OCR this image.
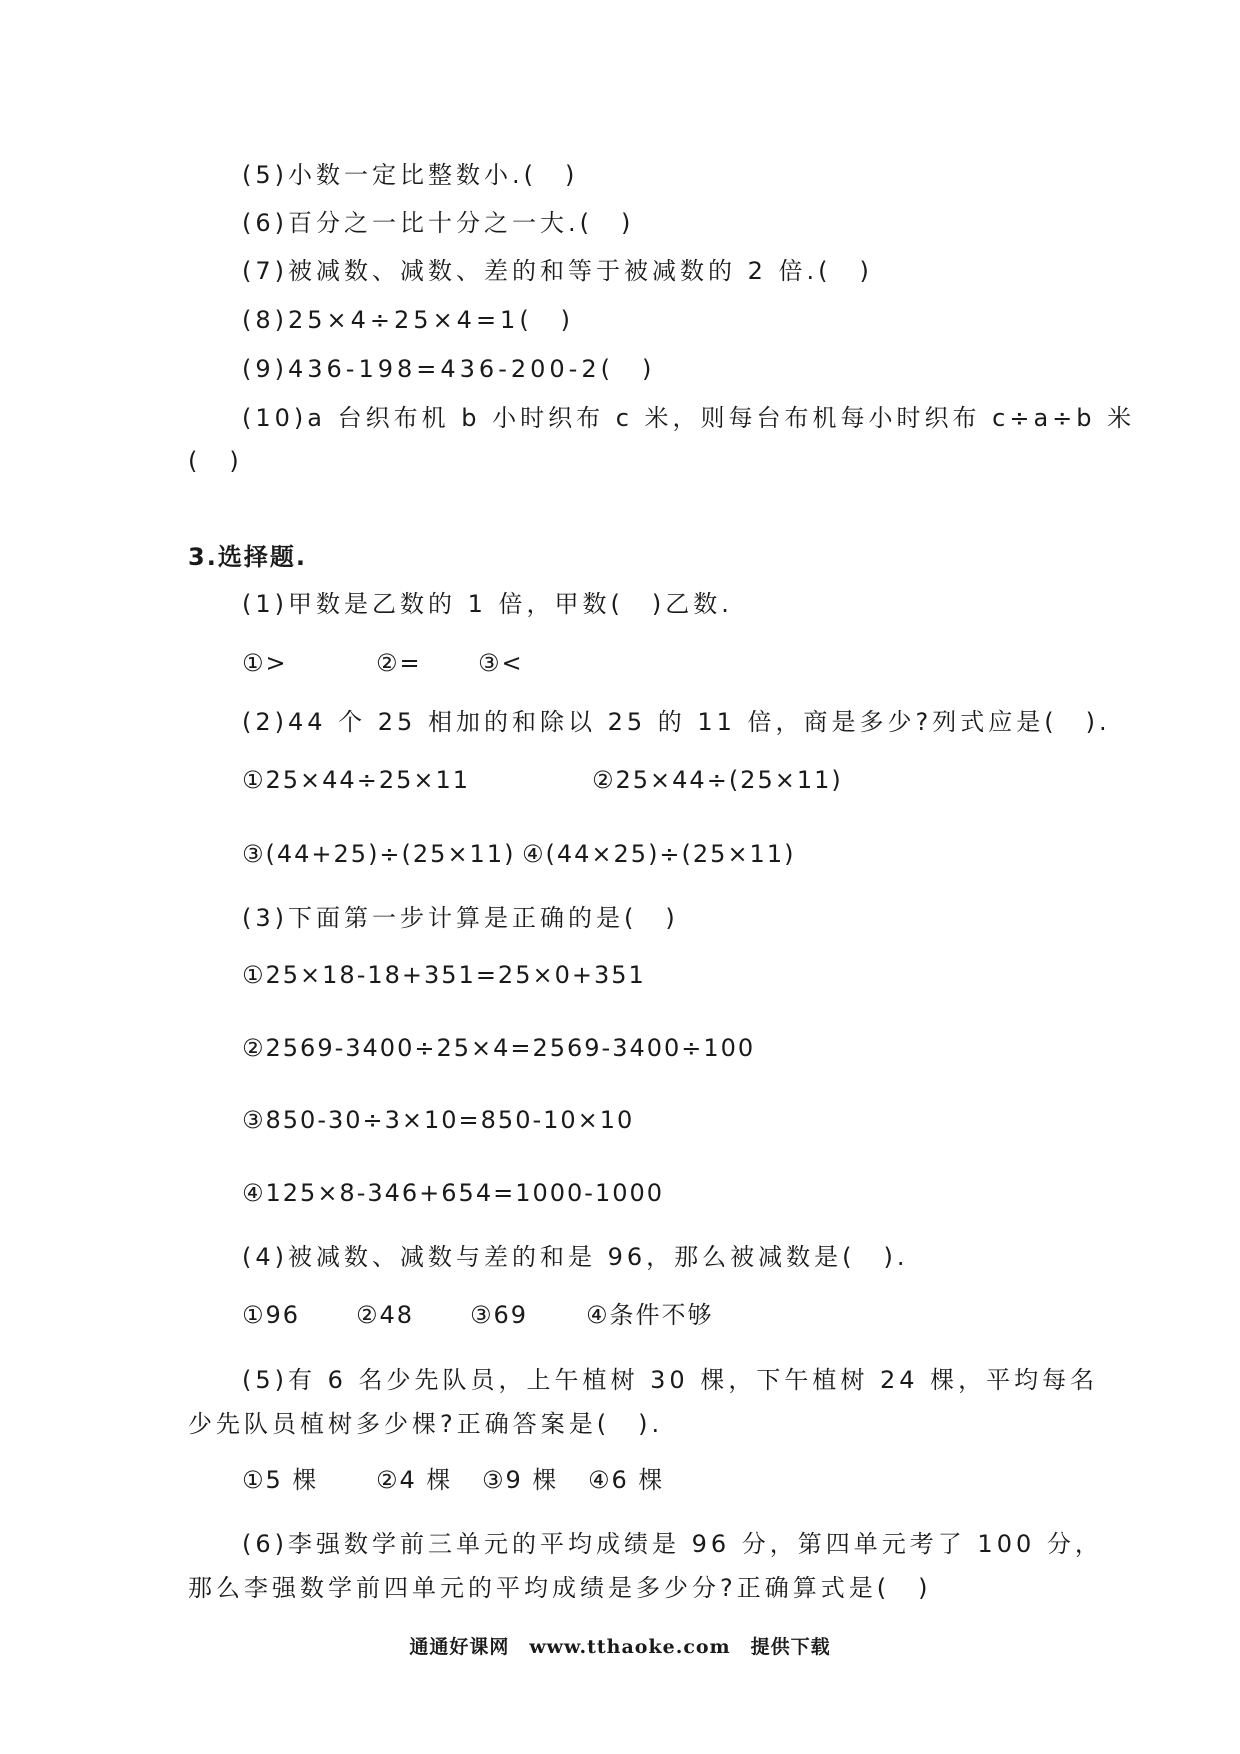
(5)小数一定比整数小.(　)
(6)百分之一比十分之一大.(　)
(7)被减数、减数、差的和等于被减数的 2 倍.(　)
(8)25×4÷25×4=1(　)
(9)436-198=436-200-2(　)
(10)a 台织布机 b 小时织布 c 米，则每台布机每小时织布 c÷a÷b 米
(　)
3.选择题.
(1)甲数是乙数的 1 倍，甲数(　)乙数.
①>	②= ③<
(2)44 个 25 相加的和除以 25 的 11 倍，商是多少?列式应是(　).
①25×44÷25×11	②25×44÷(25×11)
③(44+25)÷(25×11) ④(44×25)÷(25×11)
(3)下面第一步计算是正确的是(　)
①25×18-18+351=25×0+351
②2569-3400÷25×4=2569-3400÷100
③850-30÷3×10=850-10×10
④125×8-346+654=1000-1000
(4)被减数、减数与差的和是 96，那么被减数是(　).
①96 ②48 ③69 ④条件不够
(5)有 6 名少先队员，上午植树 30 棵，下午植树 24 棵，平均每名
少先队员植树多少棵?正确答案是(　).
①5 棵 ②4 棵 ③9 棵 ④6 棵
(6)李强数学前三单元的平均成绩是 96 分，第四单元考了 100 分，
那么李强数学前四单元的平均成绩是多少分?正确算式是(　)
通通好课网　www.tthaoke.com　提供下载
